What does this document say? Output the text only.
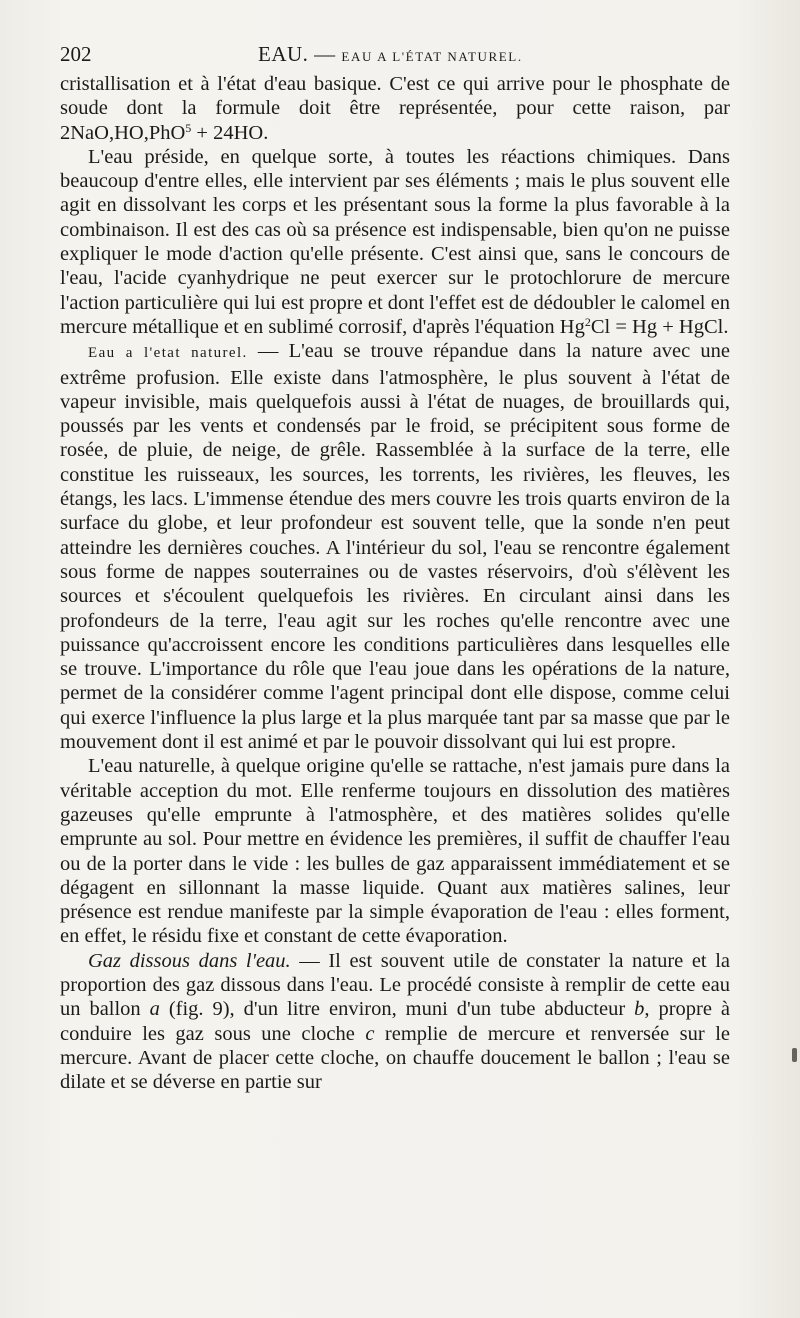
202	EAU. — EAU A L'ÉTAT NATUREL.

cristallisation et à l'état d'eau basique. C'est ce qui arrive pour le phosphate de soude dont la formule doit être représentée, pour cette raison, par 2NaO,HO,PhO$^5$ + 24HO.

L'eau préside, en quelque sorte, à toutes les réactions chimiques. Dans beaucoup d'entre elles, elle intervient par ses éléments ; mais le plus souvent elle agit en dissolvant les corps et les présentant sous la forme la plus favorable à la combinaison. Il est des cas où sa présence est indispensable, bien qu'on ne puisse expliquer le mode d'action qu'elle présente. C'est ainsi que, sans le concours de l'eau, l'acide cyanhydrique ne peut exercer sur le protochlorure de mercure l'action particulière qui lui est propre et dont l'effet est de dédoubler le calomel en mercure métallique et en sublimé corrosif, d'après l'équation $Hg^2Cl = Hg$ + HgCl.

Eau a l'etat naturel. — L'eau se trouve répandue dans la nature avec une extrême profusion. Elle existe dans l'atmosphère, le plus souvent à l'état de vapeur invisible, mais quelquefois aussi à l'état de nuages, de brouillards qui, poussés par les vents et condensés par le froid, se précipitent sous forme de rosée, de pluie, de neige, de grêle. Rassemblée à la surface de la terre, elle constitue les ruisseaux, les sources, les torrents, les rivières, les fleuves, les étangs, les lacs. L'immense étendue des mers couvre les trois quarts environ de la surface du globe, et leur profondeur est souvent telle, que la sonde n'en peut atteindre les dernières couches. A l'intérieur du sol, l'eau se rencontre également sous forme de nappes souterraines ou de vastes réservoirs, d'où s'élèvent les sources et s'écoulent quelquefois les rivières. En circulant ainsi dans les profondeurs de la terre, l'eau agit sur les roches qu'elle rencontre avec une puissance qu'accroissent encore les conditions particulières dans lesquelles elle se trouve. L'importance du rôle que l'eau joue dans les opérations de la nature, permet de la considérer comme l'agent principal dont elle dispose, comme celui qui exerce l'influence la plus large et la plus marquée tant par sa masse que par le mouvement dont il est animé et par le pouvoir dissolvant qui lui est propre.

L'eau naturelle, à quelque origine qu'elle se rattache, n'est jamais pure dans la véritable acception du mot. Elle renferme toujours en dissolution des matières gazeuses qu'elle emprunte à l'atmosphère, et des matières solides qu'elle emprunte au sol. Pour mettre en évidence les premières, il suffit de chauffer l'eau ou de la porter dans le vide : les bulles de gaz apparaissent immédiatement et se dégagent en sillonnant la masse liquide. Quant aux matières salines, leur présence est rendue manifeste par la simple évaporation de l'eau : elles forment, en effet, le résidu fixe et constant de cette évaporation.

Gaz dissous dans l'eau. — Il est souvent utile de constater la nature et la proportion des gaz dissous dans l'eau. Le procédé consiste à remplir de cette eau un ballon a (fig. 9), d'un litre environ, muni d'un tube abducteur b, propre à conduire les gaz sous une cloche c remplie de mercure et renversée sur le mercure. Avant de placer cette cloche, on chauffe doucement le ballon ; l'eau se dilate et se déverse en partie sur
